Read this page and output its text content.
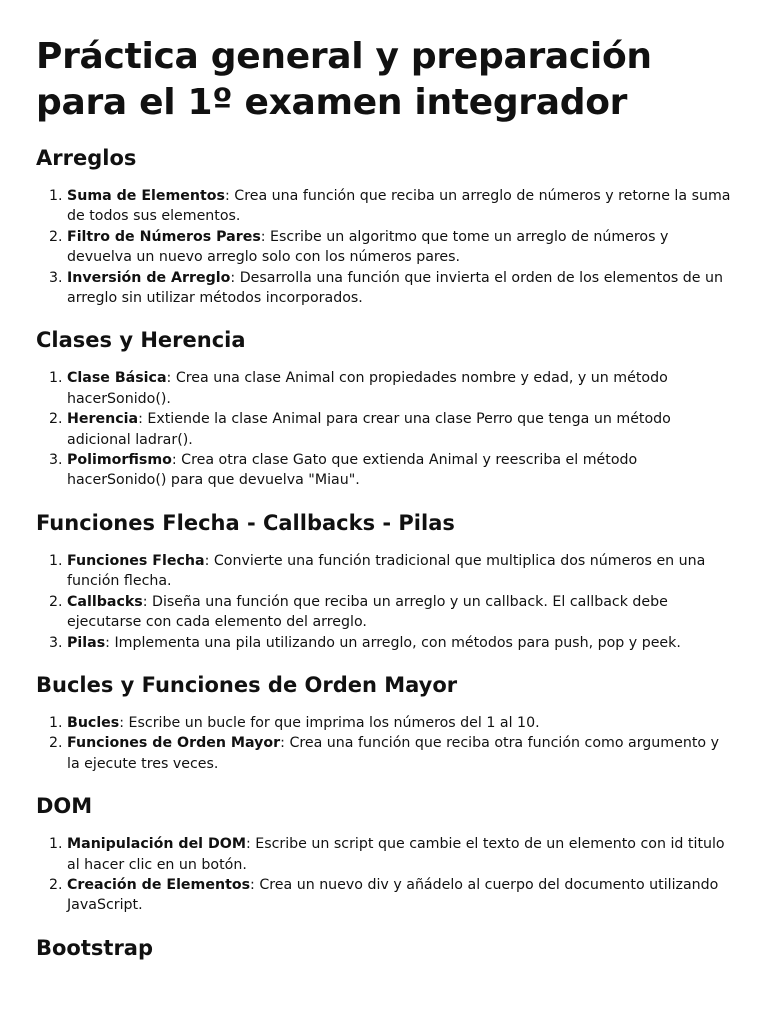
Práctica general y preparación para el 1º examen integrador
Arreglos
1. Suma de Elementos: Crea una función que reciba un arreglo de números y retorne la suma de todos sus elementos.
2. Filtro de Números Pares: Escribe un algoritmo que tome un arreglo de números y devuelva un nuevo arreglo solo con los números pares.
3. Inversión de Arreglo: Desarrolla una función que invierta el orden de los elementos de un arreglo sin utilizar métodos incorporados.
Clases y Herencia
1. Clase Básica: Crea una clase Animal con propiedades nombre y edad, y un método hacerSonido().
2. Herencia: Extiende la clase Animal para crear una clase Perro que tenga un método adicional ladrar().
3. Polimorfismo: Crea otra clase Gato que extienda Animal y reescriba el método hacerSonido() para que devuelva "Miau".
Funciones Flecha - Callbacks - Pilas
1. Funciones Flecha: Convierte una función tradicional que multiplica dos números en una función flecha.
2. Callbacks: Diseña una función que reciba un arreglo y un callback. El callback debe ejecutarse con cada elemento del arreglo.
3. Pilas: Implementa una pila utilizando un arreglo, con métodos para push, pop y peek.
Bucles y Funciones de Orden Mayor
1. Bucles: Escribe un bucle for que imprima los números del 1 al 10.
2. Funciones de Orden Mayor: Crea una función que reciba otra función como argumento y la ejecute tres veces.
DOM
1. Manipulación del DOM: Escribe un script que cambie el texto de un elemento con id titulo al hacer clic en un botón.
2. Creación de Elementos: Crea un nuevo div y añádelo al cuerpo del documento utilizando JavaScript.
Bootstrap
